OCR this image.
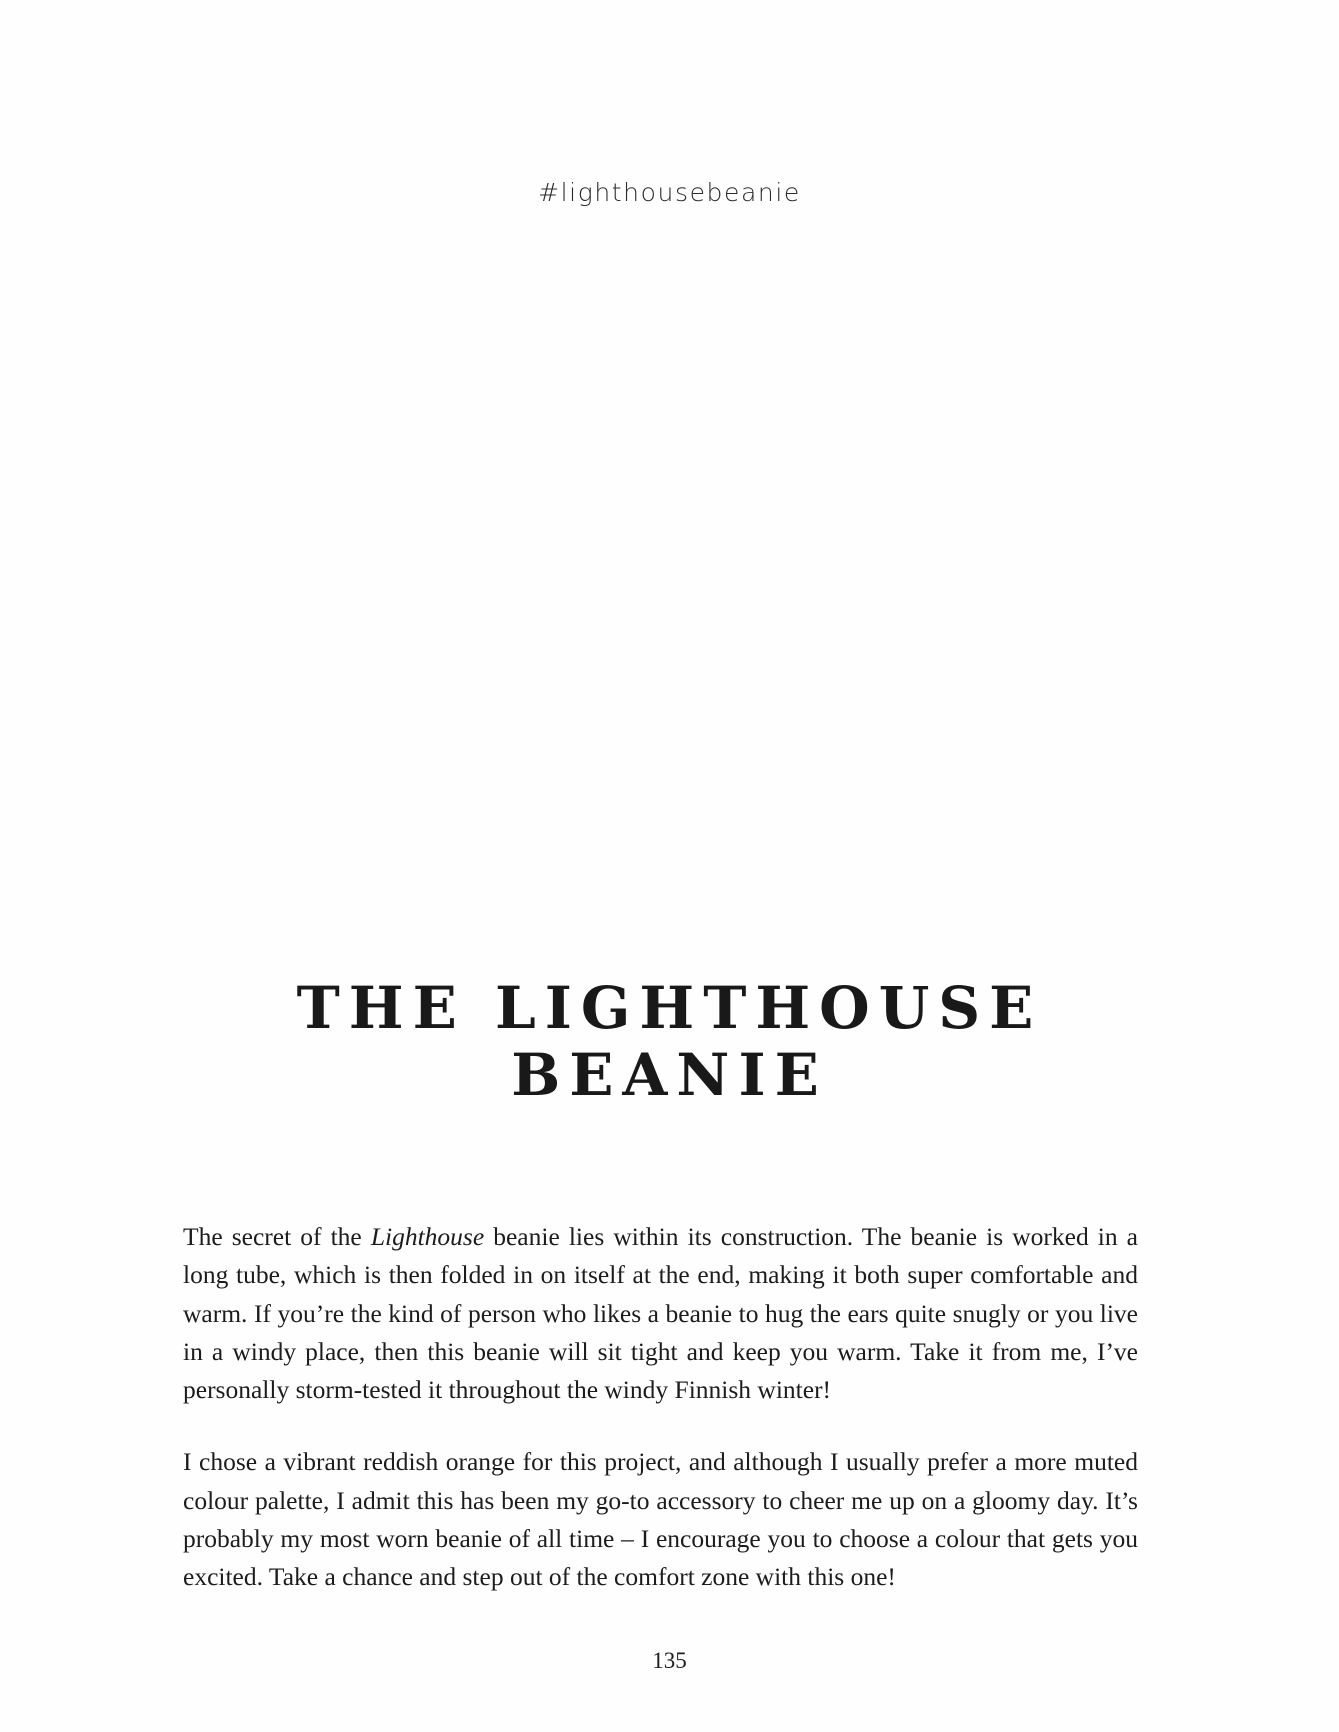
#lighthousebeanie
THE LIGHTHOUSE
BEANIE

The secret of the Lighthouse beanie lies within its construction. The beanie is worked in a long tube, which is then folded in on itself at the end, making it both super comfortable and warm. If you’re the kind of person who likes a beanie to hug the ears quite snugly or you live in a windy place, then this beanie will sit tight and keep you warm. Take it from me, I’ve personally storm-tested it throughout the windy Finnish winter!

I chose a vibrant reddish orange for this project, and although I usually prefer a more muted colour palette, I admit this has been my go-to accessory to cheer me up on a gloomy day. It’s probably my most worn beanie of all time – I encourage you to choose a colour that gets you excited. Take a chance and step out of the comfort zone with this one!

135
